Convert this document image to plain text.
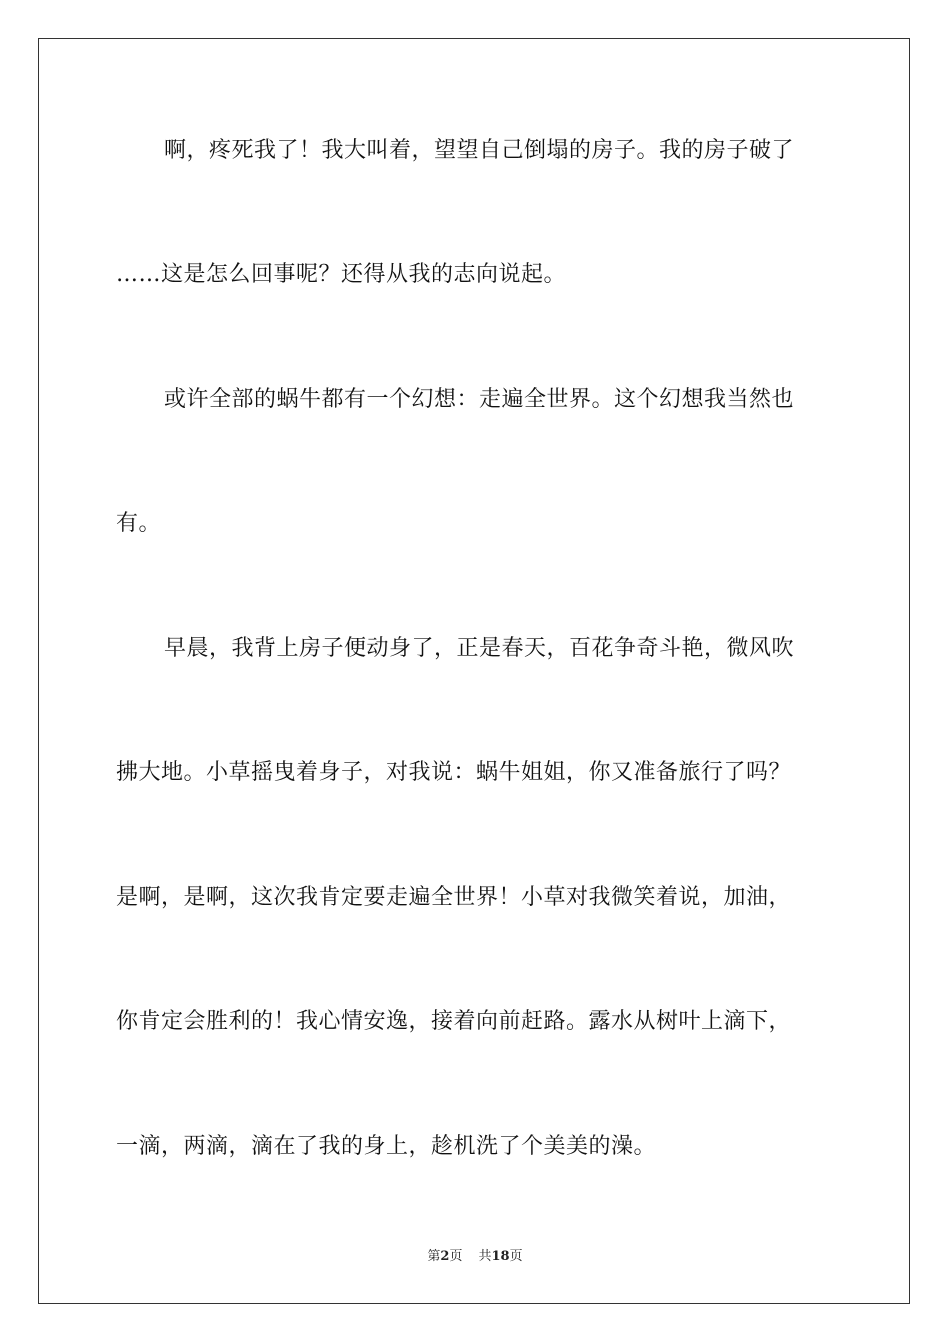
啊，疼死我了！我大叫着，望望自己倒塌的房子。我的房子破了
……这是怎么回事呢？还得从我的志向说起。
或许全部的蜗牛都有一个幻想：走遍全世界。这个幻想我当然也
有。
早晨，我背上房子便动身了，正是春天，百花争奇斗艳，微风吹
拂大地。小草摇曳着身子，对我说：蜗牛姐姐，你又准备旅行了吗？
是啊，是啊，这次我肯定要走遍全世界！小草对我微笑着说，加油，
你肯定会胜利的！我心情安逸，接着向前赶路。露水从树叶上滴下，
一滴，两滴，滴在了我的身上，趁机洗了个美美的澡。
第2页 共18页
